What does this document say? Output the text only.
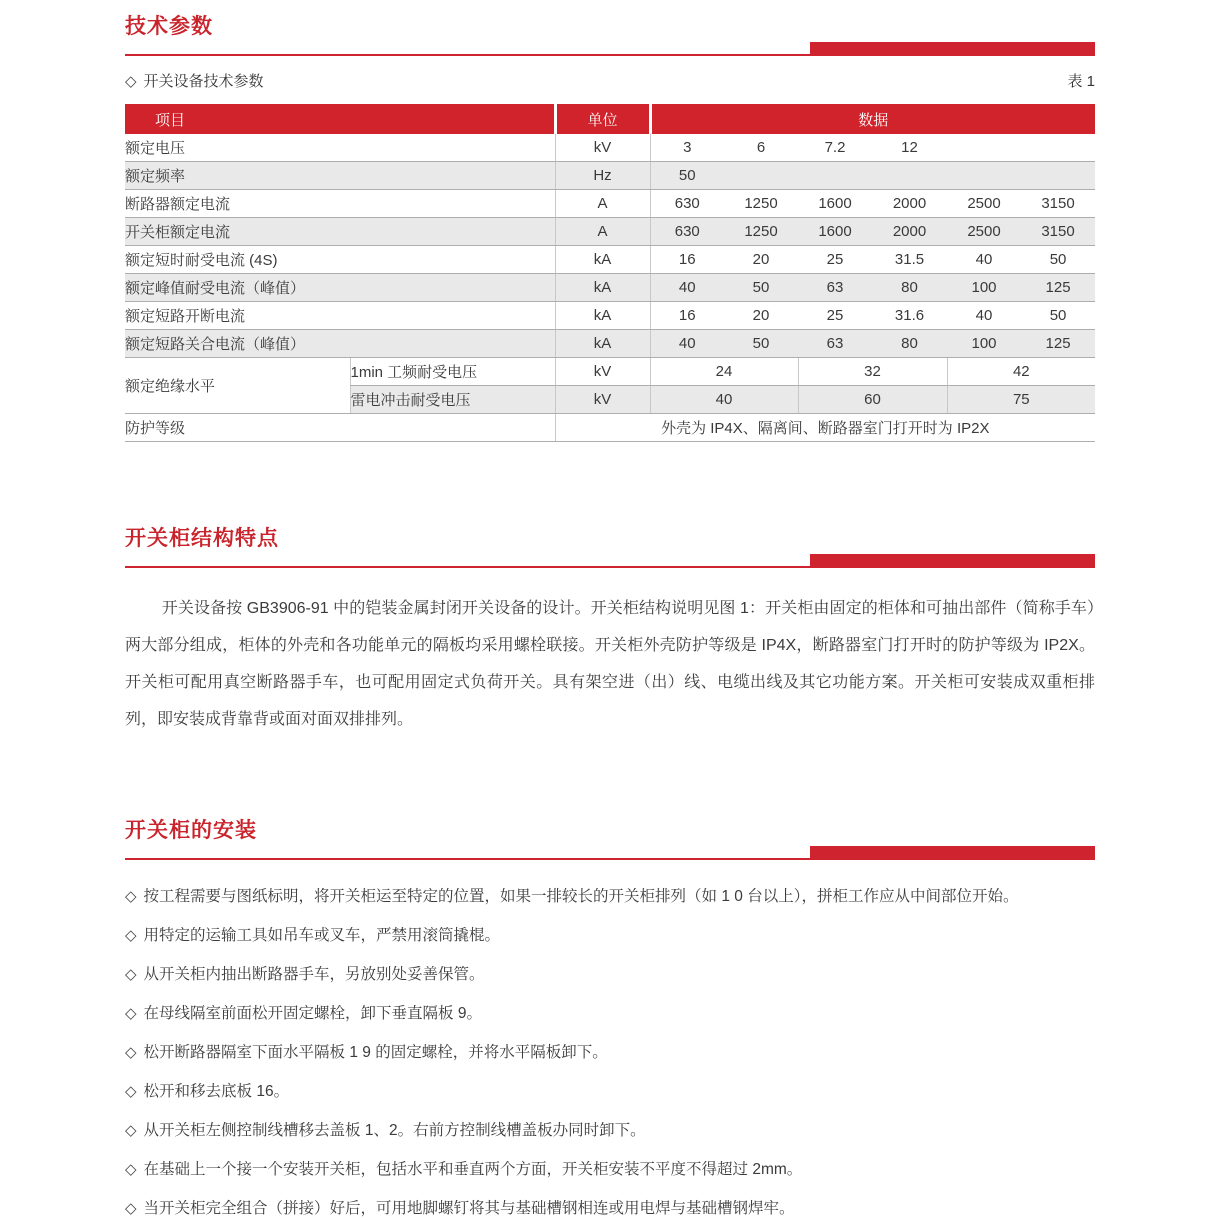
技术参数
◇ 开关设备技术参数	表 1
项目		单位	数据					
额定电压		kV	3	6	7.2	12		
额定频率		Hz	50					
断路器额定电流		A	630	1250	1600	2000	2500	3150
开关柜额定电流		A	630	1250	1600	2000	2500	3150
额定短时耐受电流 (4S)		kA	16	20	25	31.5	40	50
额定峰值耐受电流（峰值）		kA	40	50	63	80	100	125
额定短路开断电流		kA	16	20	25	31.6	40	50
额定短路关合电流（峰值）		kA	40	50	63	80	100	125
额定绝缘水平	1min 工频耐受电压	kV	24		32		42	
	雷电冲击耐受电压	kV	40		60		75	
防护等级		外壳为 IP4X、隔离间、断路器室门打开时为 IP2X						
开关柜结构特点

开关设备按 GB3906-91 中的铠装金属封闭开关设备的设计。开关柜结构说明见图 1：开关柜由固定的柜体和可抽出部件（简称手车）两大部分组成，柜体的外壳和各功能单元的隔板均采用螺栓联接。开关柜外壳防护等级是 IP4X，断路器室门打开时的防护等级为 IP2X。开关柜可配用真空断路器手车，也可配用固定式负荷开关。具有架空进（出）线、电缆出线及其它功能方案。开关柜可安装成双重柜排列，即安装成背靠背或面对面双排排列。

开关柜的安装
◇ 按工程需要与图纸标明，将开关柜运至特定的位置，如果一排较长的开关柜排列（如 1 0 台以上），拼柜工作应从中间部位开始。
◇ 用特定的运输工具如吊车或叉车，严禁用滚筒撬棍。
◇ 从开关柜内抽出断路器手车，另放别处妥善保管。
◇ 在母线隔室前面松开固定螺栓，卸下垂直隔板 9。
◇ 松开断路器隔室下面水平隔板 1 9 的固定螺栓，并将水平隔板卸下。
◇ 松开和移去底板 16。
◇ 从开关柜左侧控制线槽移去盖板 1、2。右前方控制线槽盖板办同时卸下。
◇ 在基础上一个接一个安装开关柜，包括水平和垂直两个方面，开关柜安装不平度不得超过 2mm。
◇ 当开关柜完全组合（拼接）好后，可用地脚螺钉将其与基础槽钢相连或用电焊与基础槽钢焊牢。
